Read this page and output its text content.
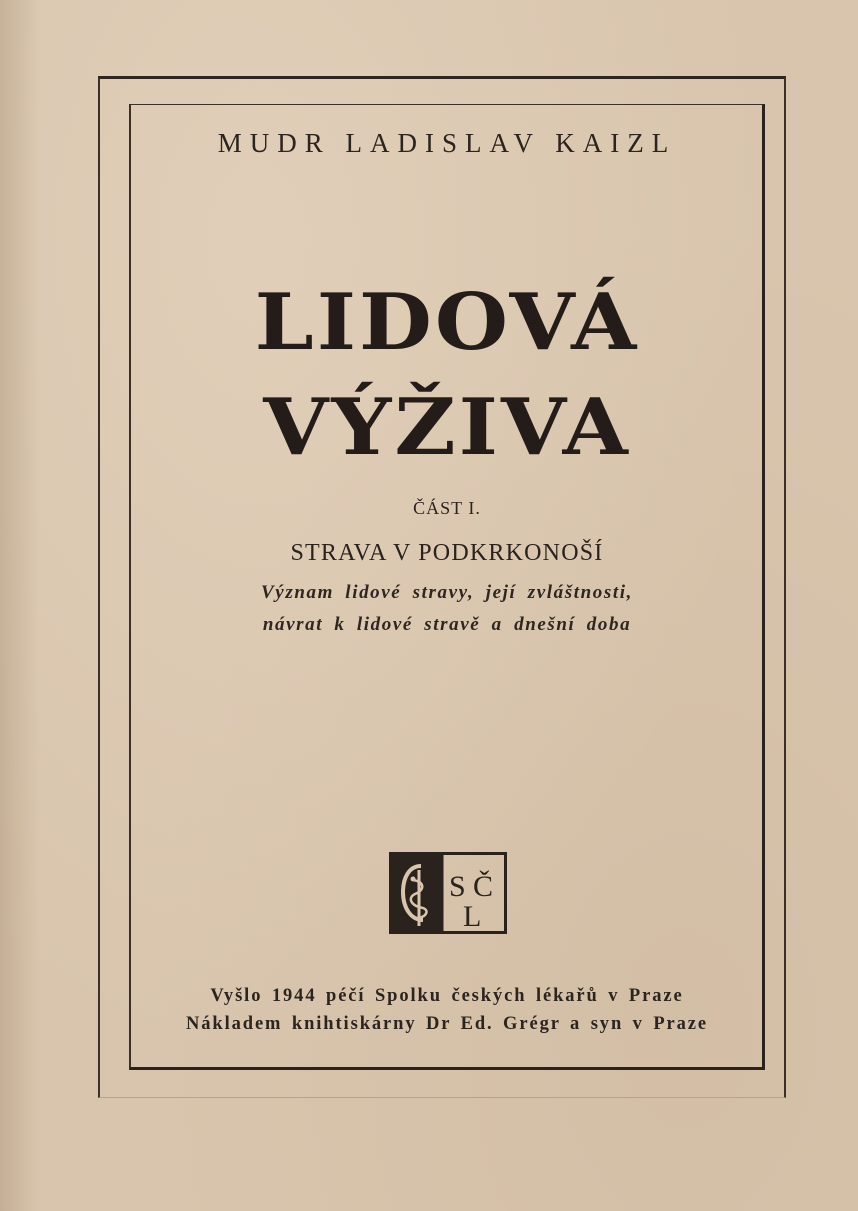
MUDR LADISLAV KAIZL
LIDOVÁ
VÝŽIVA
ČÁST I.
STRAVA V PODKRKONOŠÍ
Význam lidové stravy, její zvláštnosti,
návrat k lidové stravě a dnešní doba
S Č
L
Vyšlo 1944 péčí Spolku českých lékařů v Praze
Nákladem knihtiskárny Dr Ed. Grégr a syn v Praze
